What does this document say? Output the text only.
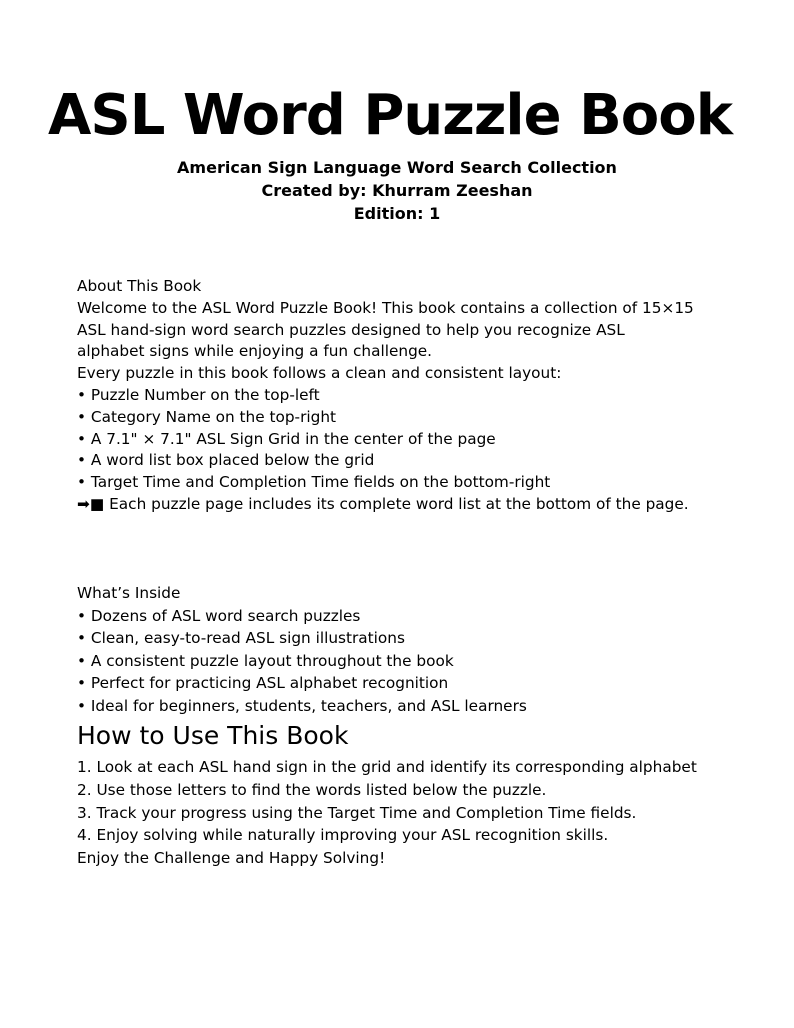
ASL Word Puzzle Book
American Sign Language Word Search Collection
Created by: Khurram Zeeshan
Edition: 1
About This Book
Welcome to the ASL Word Puzzle Book! This book contains a collection of 15×15
ASL hand-sign word search puzzles designed to help you recognize ASL
alphabet signs while enjoying a fun challenge.
Every puzzle in this book follows a clean and consistent layout:
• Puzzle Number on the top-left
• Category Name on the top-right
• A 7.1" × 7.1" ASL Sign Grid in the center of the page
• A word list box placed below the grid
• Target Time and Completion Time fields on the bottom-right
➡■ Each puzzle page includes its complete word list at the bottom of the page.
What’s Inside
• Dozens of ASL word search puzzles
• Clean, easy-to-read ASL sign illustrations
• A consistent puzzle layout throughout the book
• Perfect for practicing ASL alphabet recognition
• Ideal for beginners, students, teachers, and ASL learners
How to Use This Book
1. Look at each ASL hand sign in the grid and identify its corresponding alphabet
2. Use those letters to find the words listed below the puzzle.
3. Track your progress using the Target Time and Completion Time fields.
4. Enjoy solving while naturally improving your ASL recognition skills.
Enjoy the Challenge and Happy Solving!
